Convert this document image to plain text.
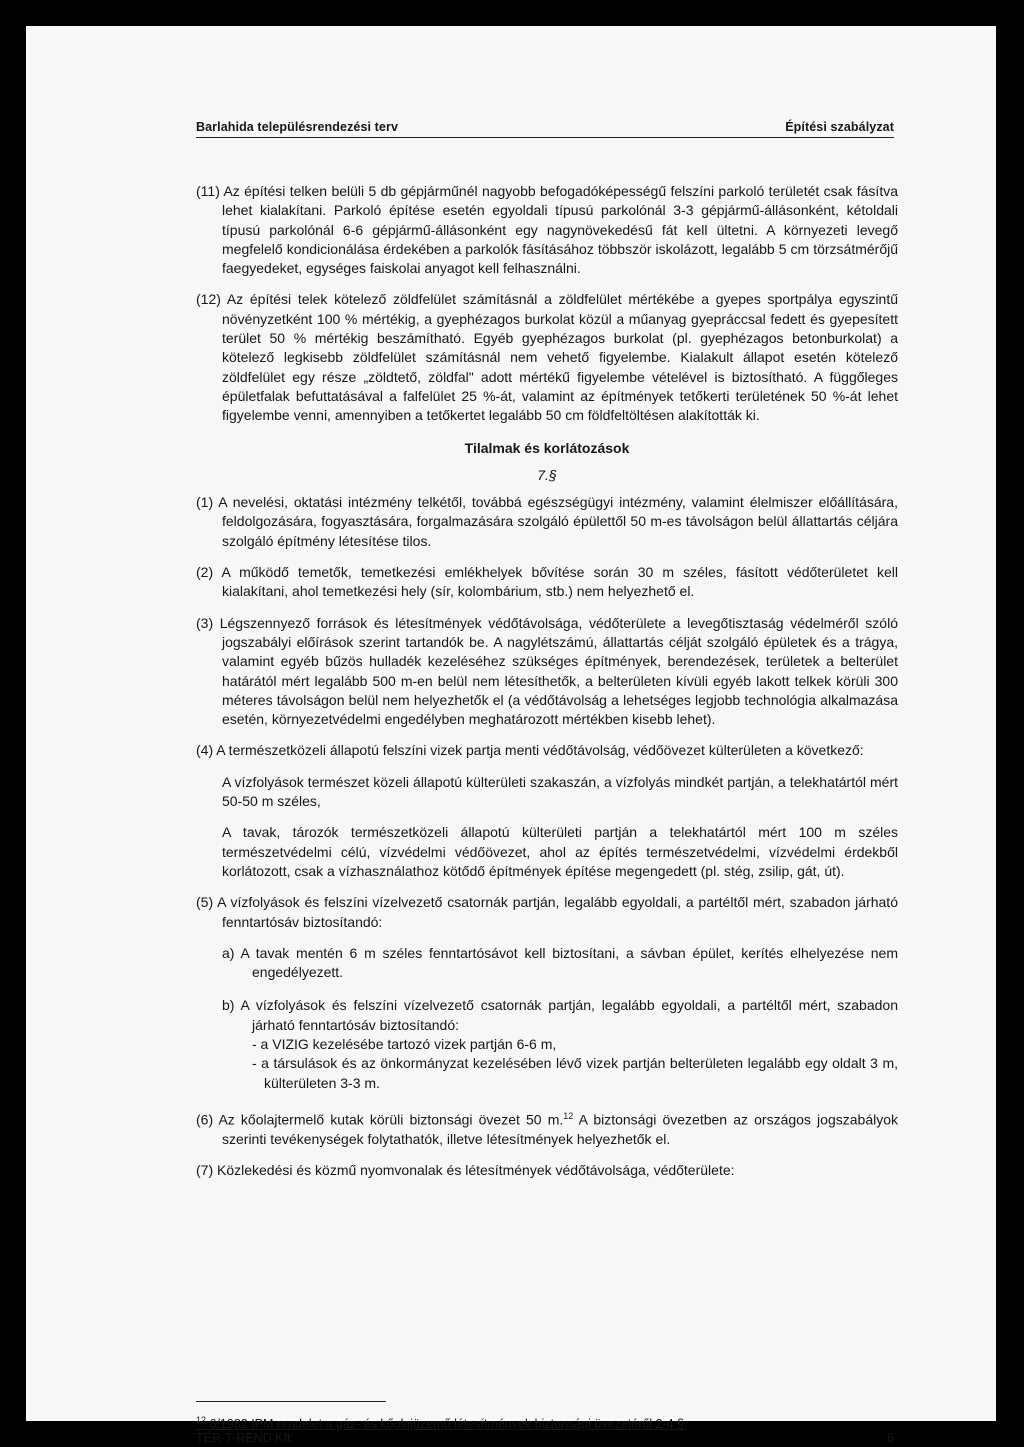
Barlahida településrendezési terv	Építési szabályzat

(11) Az építési telken belüli 5 db gépjárműnél nagyobb befogadóképességű felszíni parkoló területét csak fásítva lehet kialakítani. Parkoló építése esetén egyoldali típusú parkolónál 3-3 gépjármű-állásonként, kétoldali típusú parkolónál 6-6 gépjármű-állásonként egy nagynövekedésű fát kell ültetni. A környezeti levegő megfelelő kondicionálása érdekében a parkolók fásításához többször iskolázott, legalább 5 cm törzsátmérőjű faegyedeket, egységes faiskolai anyagot kell felhasználni.

(12) Az építési telek kötelező zöldfelület számításnál a zöldfelület mértékébe a gyepes sportpálya egyszintű növényzetként 100 % mértékig, a gyephézagos burkolat közül a műanyag gyepráccsal fedett és gyepesített terület 50 % mértékig beszámítható. Egyéb gyephézagos burkolat (pl. gyephézagos betonburkolat) a kötelező legkisebb zöldfelület számításnál nem vehető figyelembe. Kialakult állapot esetén kötelező zöldfelület egy része „zöldtető, zöldfal" adott mértékű figyelembe vételével is biztosítható. A függőleges épületfalak befuttatásával a falfelület 25 %-át, valamint az építmények tetőkerti területének 50 %-át lehet figyelembe venni, amennyiben a tetőkertet legalább 50 cm földfeltöltésen alakították ki.

Tilalmak és korlátozások
7.§

(1) A nevelési, oktatási intézmény telkétől, továbbá egészségügyi intézmény, valamint élelmiszer előállítására, feldolgozására, fogyasztására, forgalmazására szolgáló épülettől 50 m-es távolságon belül állattartás céljára szolgáló építmény létesítése tilos.

(2) A működő temetők, temetkezési emlékhelyek bővítése során 30 m széles, fásított védőterületet kell kialakítani, ahol temetkezési hely (sír, kolombárium, stb.) nem helyezhető el.

(3) Légszennyező források és létesítmények védőtávolsága, védőterülete a levegőtisztaság védelméről szóló jogszabályi előírások szerint tartandók be. A nagylétszámú, állattartás célját szolgáló épületek és a trágya, valamint egyéb bűzös hulladék kezeléséhez szükséges építmények, berendezések, területek a belterület határától mért legalább 500 m-en belül nem létesíthetők, a belterületen kívüli egyéb lakott telkek körüli 300 méteres távolságon belül nem helyezhetők el (a védőtávolság a lehetséges legjobb technológia alkalmazása esetén, környezetvédelmi engedélyben meghatározott mértékben kisebb lehet).

(4) A természetközeli állapotú felszíni vizek partja menti védőtávolság, védőövezet külterületen a következő:

A vízfolyások természet közeli állapotú külterületi szakaszán, a vízfolyás mindkét partján, a telekhatártól mért 50-50 m széles,

A tavak, tározók természetközeli állapotú külterületi partján a telekhatártól mért 100 m széles természetvédelmi célú, vízvédelmi védőövezet, ahol az építés természetvédelmi, vízvédelmi érdekből korlátozott, csak a vízhasználathoz kötődő építmények építése megengedett (pl. stég, zsilip, gát, út).

(5) A vízfolyások és felszíni vízelvezető csatornák partján, legalább egyoldali, a partéltől mért, szabadon járható fenntartósáv biztosítandó:

a) A tavak mentén 6 m széles fenntartósávot kell biztosítani, a sávban épület, kerítés elhelyezése nem engedélyezett.

b) A vízfolyások és felszíni vízelvezető csatornák partján, legalább egyoldali, a partéltől mért, szabadon járható fenntartósáv biztosítandó:
- a VIZIG kezelésébe tartozó vizek partján 6-6 m,
- a társulások és az önkormányzat kezelésében lévő vizek partján belterületen legalább egy oldalt 3 m, külterületen 3-3 m.

(6) Az kőolajtermelő kutak körüli biztonsági övezet 50 m.$^{12}$ A biztonsági övezetben az országos jogszabályok szerinti tevékenységek folytathatók, illetve létesítmények helyezhetők el.

(7) Közlekedési és közmű nyomvonalak és létesítmények védőtávolsága, védőterülete:

$^{12}$ 6/1982 IPM rendelet a gáz- és kőolajüzemű létesítmények biztonsági övezetéről 2-4 §.
TÉR-T-REND Kft.	6
